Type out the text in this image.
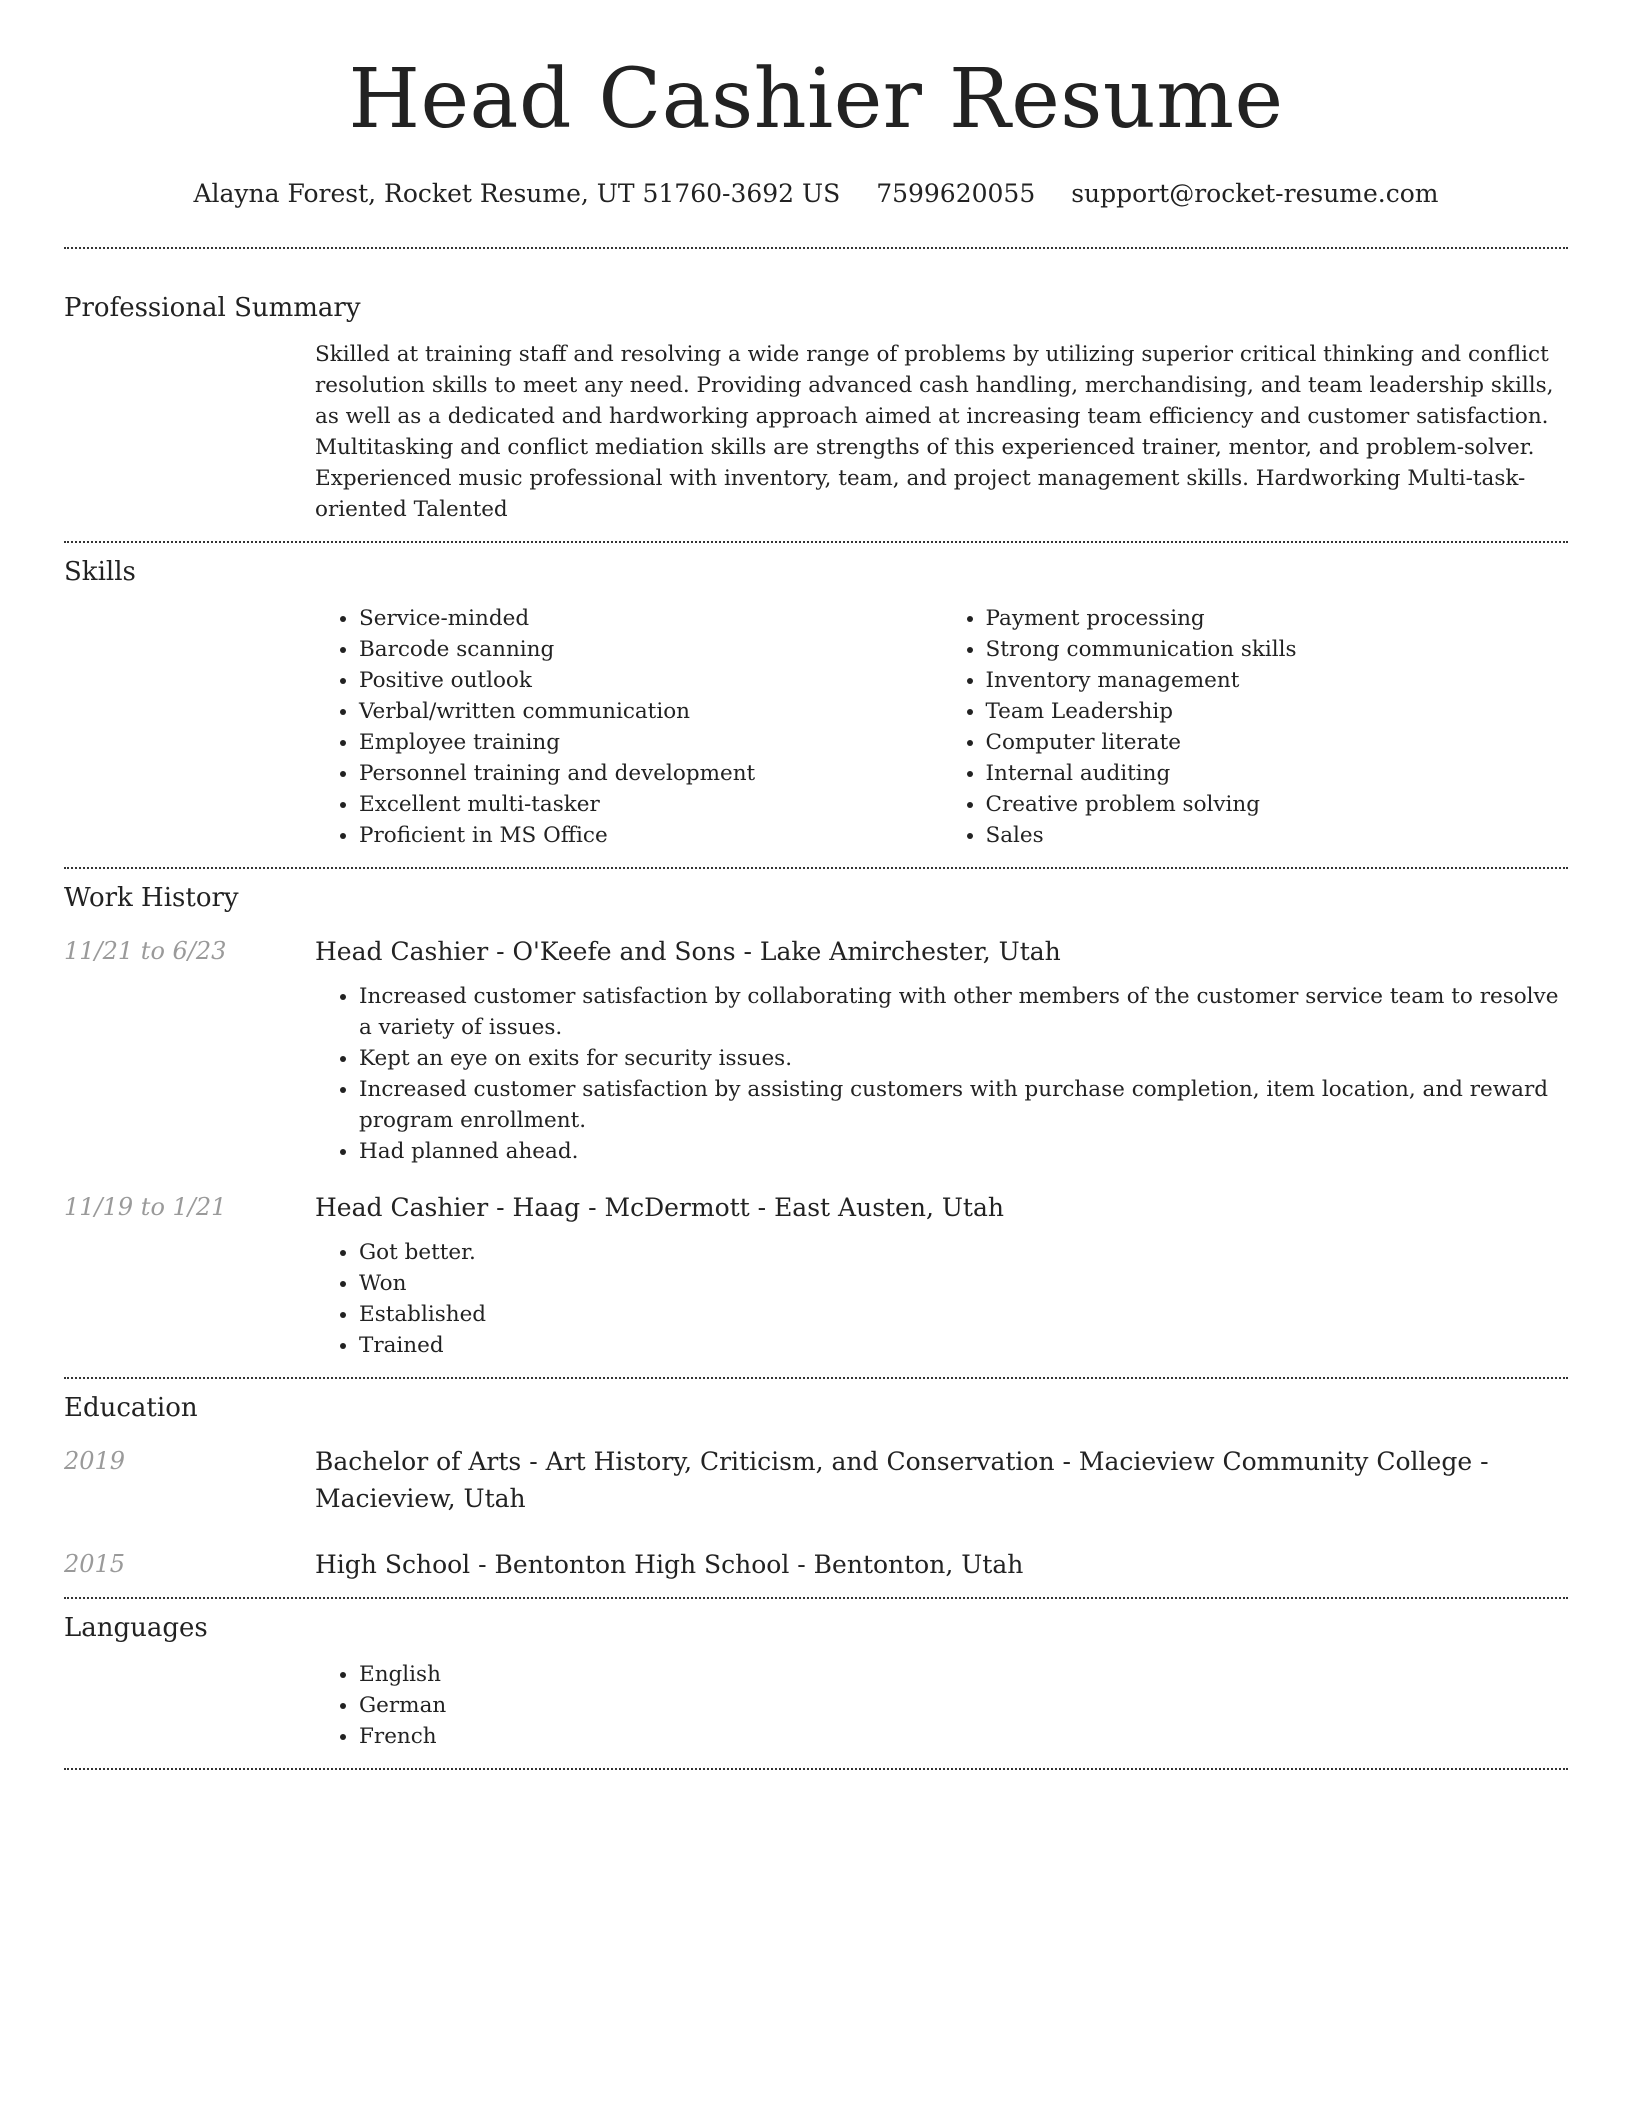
Head Cashier Resume
Alayna Forest, Rocket Resume, UT 51760-3692 US 7599620055 support@rocket-resume.com
Professional Summary
Skilled at training staff and resolving a wide range of problems by utilizing superior critical thinking and conflict resolution skills to meet any need. Providing advanced cash handling, merchandising, and team leadership skills, as well as a dedicated and hardworking approach aimed at increasing team efficiency and customer satisfaction. Multitasking and conflict mediation skills are strengths of this experienced trainer, mentor, and problem-solver. Experienced music professional with inventory, team, and project management skills. Hardworking Multi-task-oriented Talented
Skills
• Service-minded
• Barcode scanning
• Positive outlook
• Verbal/written communication
• Employee training
• Personnel training and development
• Excellent multi-tasker
• Proficient in MS Office
• Payment processing
• Strong communication skills
• Inventory management
• Team Leadership
• Computer literate
• Internal auditing
• Creative problem solving
• Sales
Work History
11/21 to 6/23	Head Cashier - O'Keefe and Sons - Lake Amirchester, Utah
• Increased customer satisfaction by collaborating with other members of the customer service team to resolve a variety of issues.
• Kept an eye on exits for security issues.
• Increased customer satisfaction by assisting customers with purchase completion, item location, and reward program enrollment.
• Had planned ahead.
11/19 to 1/21	Head Cashier - Haag - McDermott - East Austen, Utah
• Got better.
• Won
• Established
• Trained
Education
2019	Bachelor of Arts - Art History, Criticism, and Conservation - Macieview Community College - Macieview, Utah
2015	High School - Bentonton High School - Bentonton, Utah
Languages
• English
• German
• French
